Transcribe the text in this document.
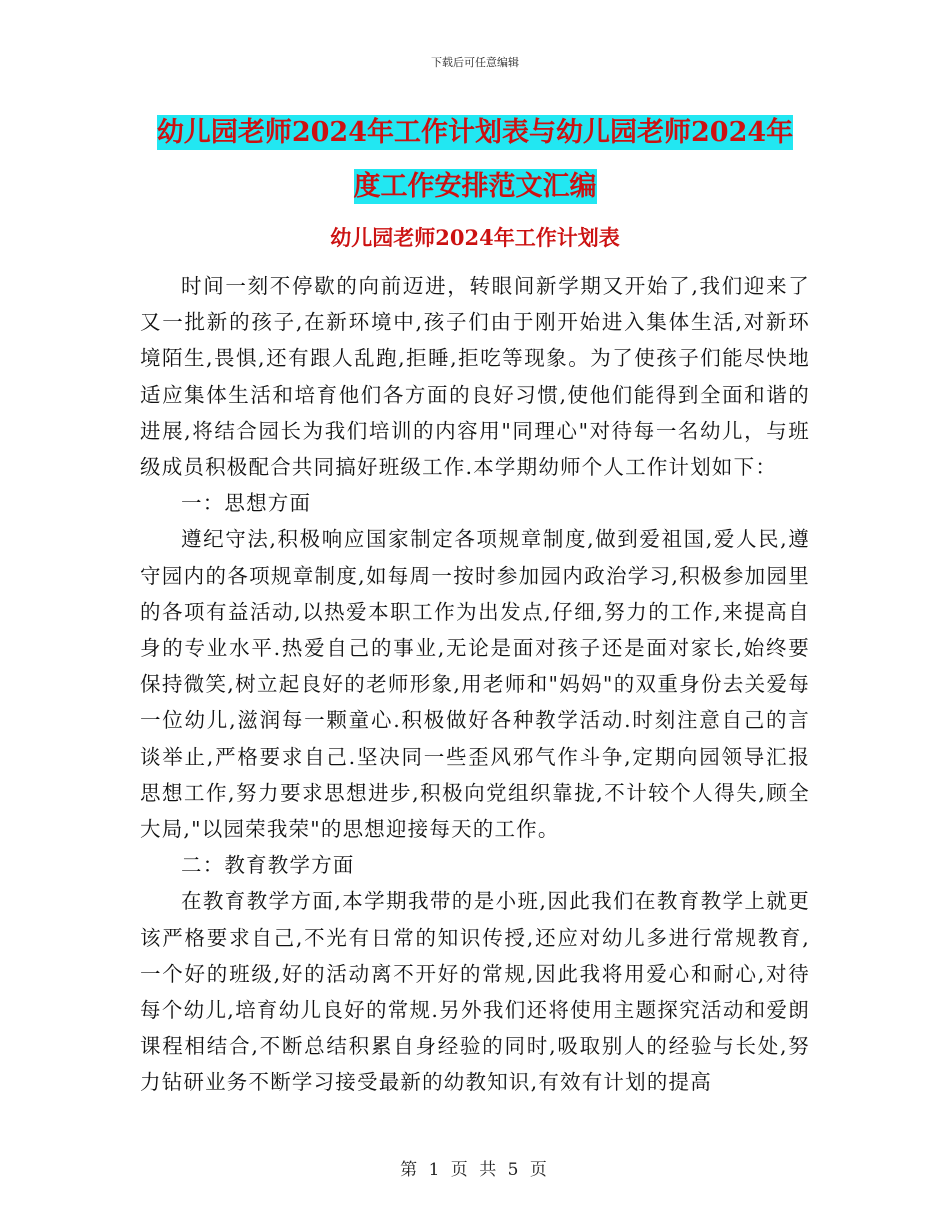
下载后可任意编辑
幼儿园老师2024年工作计划表与幼儿园老师2024年
度工作安排范文汇编
幼儿园老师2024年工作计划表

时间一刻不停歇的向前迈进，转眼间新学期又开始了,我们迎来了又一批新的孩子,在新环境中,孩子们由于刚开始进入集体生活,对新环境陌生,畏惧,还有跟人乱跑,拒睡,拒吃等现象。为了使孩子们能尽快地适应集体生活和培育他们各方面的良好习惯,使他们能得到全面和谐的进展,将结合园长为我们培训的内容用"同理心"对待每一名幼儿，与班级成员积极配合共同搞好班级工作.本学期幼师个人工作计划如下：

一：思想方面

遵纪守法,积极响应国家制定各项规章制度,做到爱祖国,爱人民,遵守园内的各项规章制度,如每周一按时参加园内政治学习,积极参加园里的各项有益活动,以热爱本职工作为出发点,仔细,努力的工作,来提高自身的专业水平.热爱自己的事业,无论是面对孩子还是面对家长,始终要保持微笑,树立起良好的老师形象,用老师和"妈妈"的双重身份去关爱每一位幼儿,滋润每一颗童心.积极做好各种教学活动.时刻注意自己的言谈举止,严格要求自己.坚决同一些歪风邪气作斗争,定期向园领导汇报思想工作,努力要求思想进步,积极向党组织靠拢,不计较个人得失,顾全大局,"以园荣我荣"的思想迎接每天的工作。

二：教育教学方面

在教育教学方面,本学期我带的是小班,因此我们在教育教学上就更该严格要求自己,不光有日常的知识传授,还应对幼儿多进行常规教育,一个好的班级,好的活动离不开好的常规,因此我将用爱心和耐心,对待每个幼儿,培育幼儿良好的常规.另外我们还将使用主题探究活动和爱朗课程相结合,不断总结积累自身经验的同时,吸取别人的经验与长处,努力钻研业务不断学习接受最新的幼教知识,有效有计划的提高

第 1 页 共 5 页
